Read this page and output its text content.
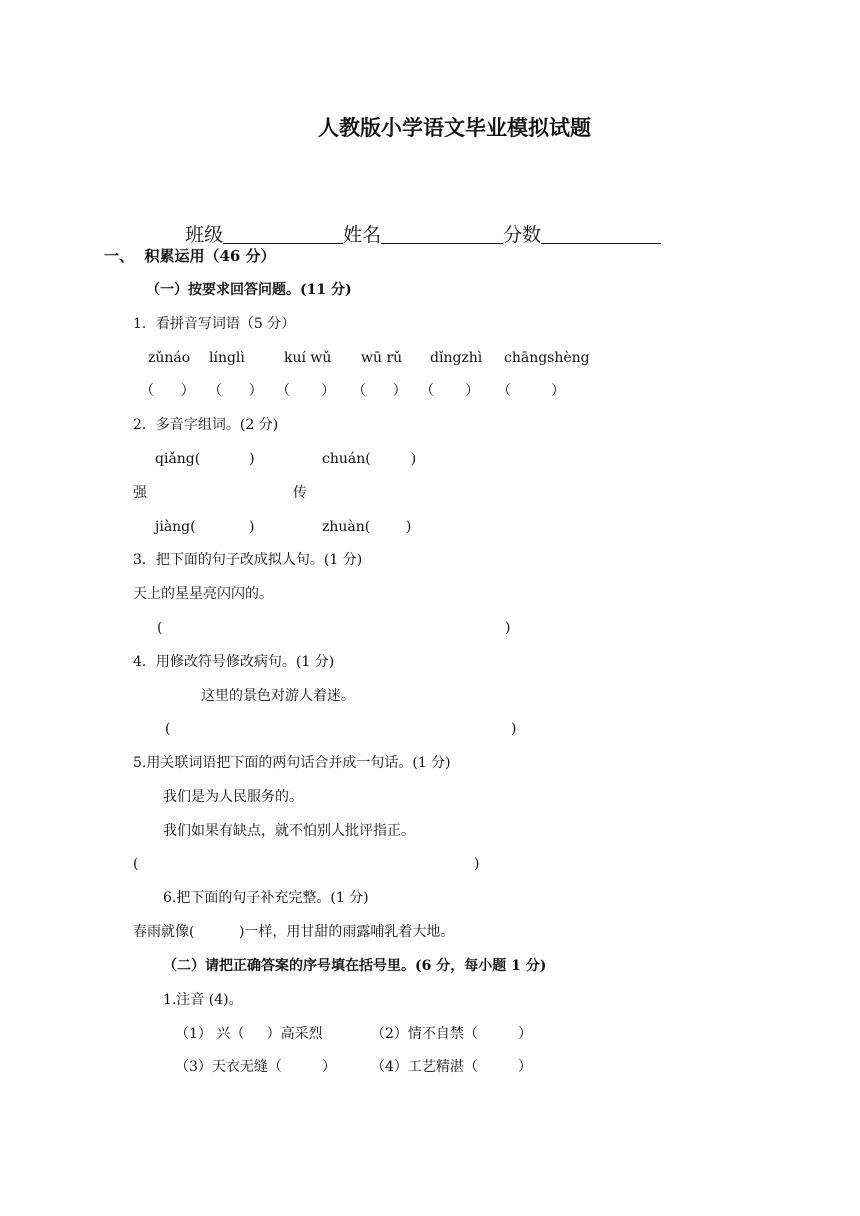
人教版小学语文毕业模拟试题

班级	姓名	分数

一、  积累运用（46 分）
（一）按要求回答问题。(11 分)
1．看拼音写词语（5 分）
zǔnáo línglì	kuí wǔ wū rǔ dǐngzhì chāngshèng
（      ） （      ） （       ） （      ） （       ） （         ）
2．多音字组词。(2 分)
qiǎng(           )	chuán(         )
强	传
jiàng(            )	zhuàn(        )
3．把下面的句子改成拟人句。(1 分)
天上的星星亮闪闪的。
(	)
4．用修改符号修改病句。(1 分)
这里的景色对游人着迷。
(	)
5.用关联词语把下面的两句话合并成一句话。(1 分)
我们是为人民服务的。
我们如果有缺点，就不怕别人批评指正。
(	)
6.把下面的句子补充完整。(1 分)
春雨就像(          )一样，用甘甜的雨露哺乳着大地。
（二）请把正确答案的序号填在括号里。(6 分，每小题 1 分)
1.注音 (4)。
（1） 兴（     ）高采烈	（2）情不自禁（         ）
（3）天衣无缝（         ）	（4）工艺精湛（         ）
